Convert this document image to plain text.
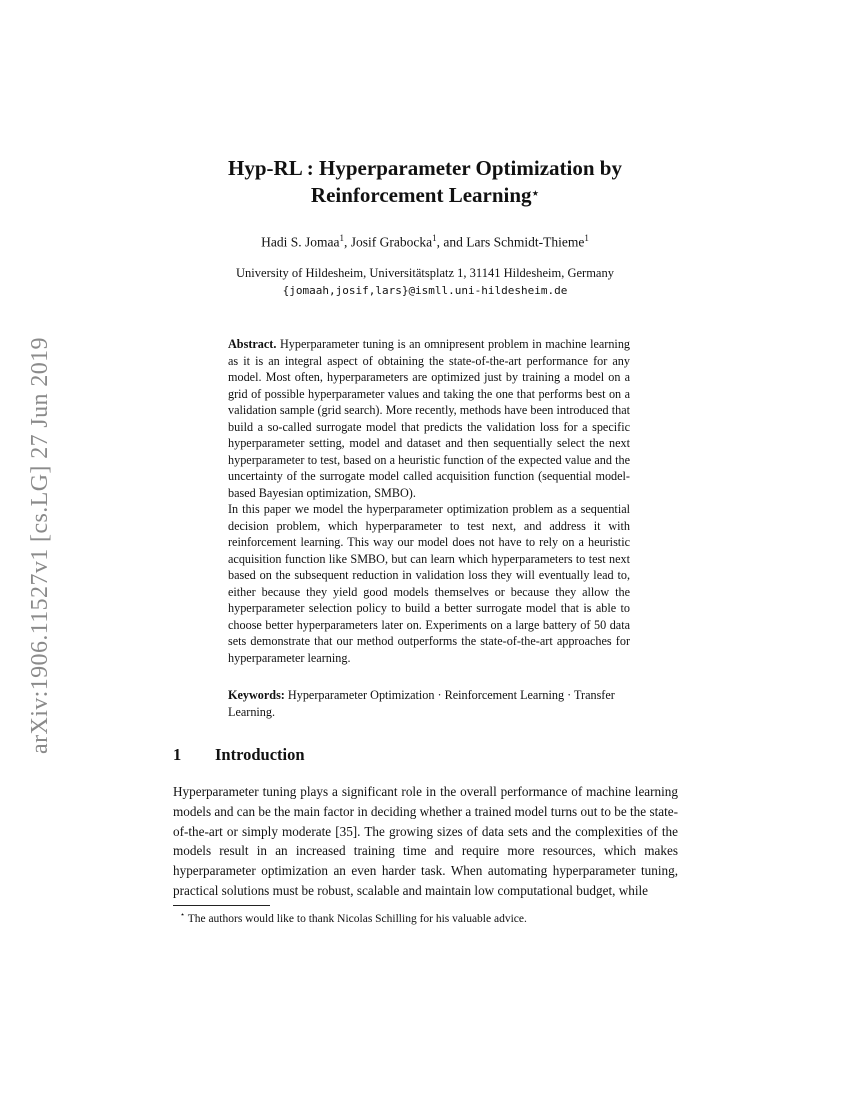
arXiv:1906.11527v1 [cs.LG] 27 Jun 2019
Hyp-RL : Hyperparameter Optimization by
Reinforcement Learning⋆
Hadi S. Jomaa$^1$, Josif Grabocka$^1$, and Lars Schmidt-Thieme$^1$
University of Hildesheim, Universitätsplatz 1, 31141 Hildesheim, Germany
{jomaah,josif,lars}@ismll.uni-hildesheim.de

Abstract. Hyperparameter tuning is an omnipresent problem in machine learning as it is an integral aspect of obtaining the state-of-the-art performance for any model. Most often, hyperparameters are optimized just by training a model on a grid of possible hyperparameter values and taking the one that performs best on a validation sample (grid search). More recently, methods have been introduced that build a so-called surrogate model that predicts the validation loss for a specific hyperparameter setting, model and dataset and then sequentially select the next hyperparameter to test, based on a heuristic function of the expected value and the uncertainty of the surrogate model called acquisition function (sequential model-based Bayesian optimization, SMBO).

In this paper we model the hyperparameter optimization problem as a sequential decision problem, which hyperparameter to test next, and address it with reinforcement learning. This way our model does not have to rely on a heuristic acquisition function like SMBO, but can learn which hyperparameters to test next based on the subsequent reduction in validation loss they will eventually lead to, either because they yield good models themselves or because they allow the hyperparameter selection policy to build a better surrogate model that is able to choose better hyperparameters later on. Experiments on a large battery of 50 data sets demonstrate that our method outperforms the state-of-the-art approaches for hyperparameter learning.

Keywords: Hyperparameter Optimization · Reinforcement Learning · Transfer Learning.
1 Introduction

Hyperparameter tuning plays a significant role in the overall performance of machine learning models and can be the main factor in deciding whether a trained model turns out to be the state-of-the-art or simply moderate [35]. The growing sizes of data sets and the complexities of the models result in an increased training time and require more resources, which makes hyperparameter optimization an even harder task. When automating hyperparameter tuning, practical solutions must be robust, scalable and maintain low computational budget, while

⋆ The authors would like to thank Nicolas Schilling for his valuable advice.
